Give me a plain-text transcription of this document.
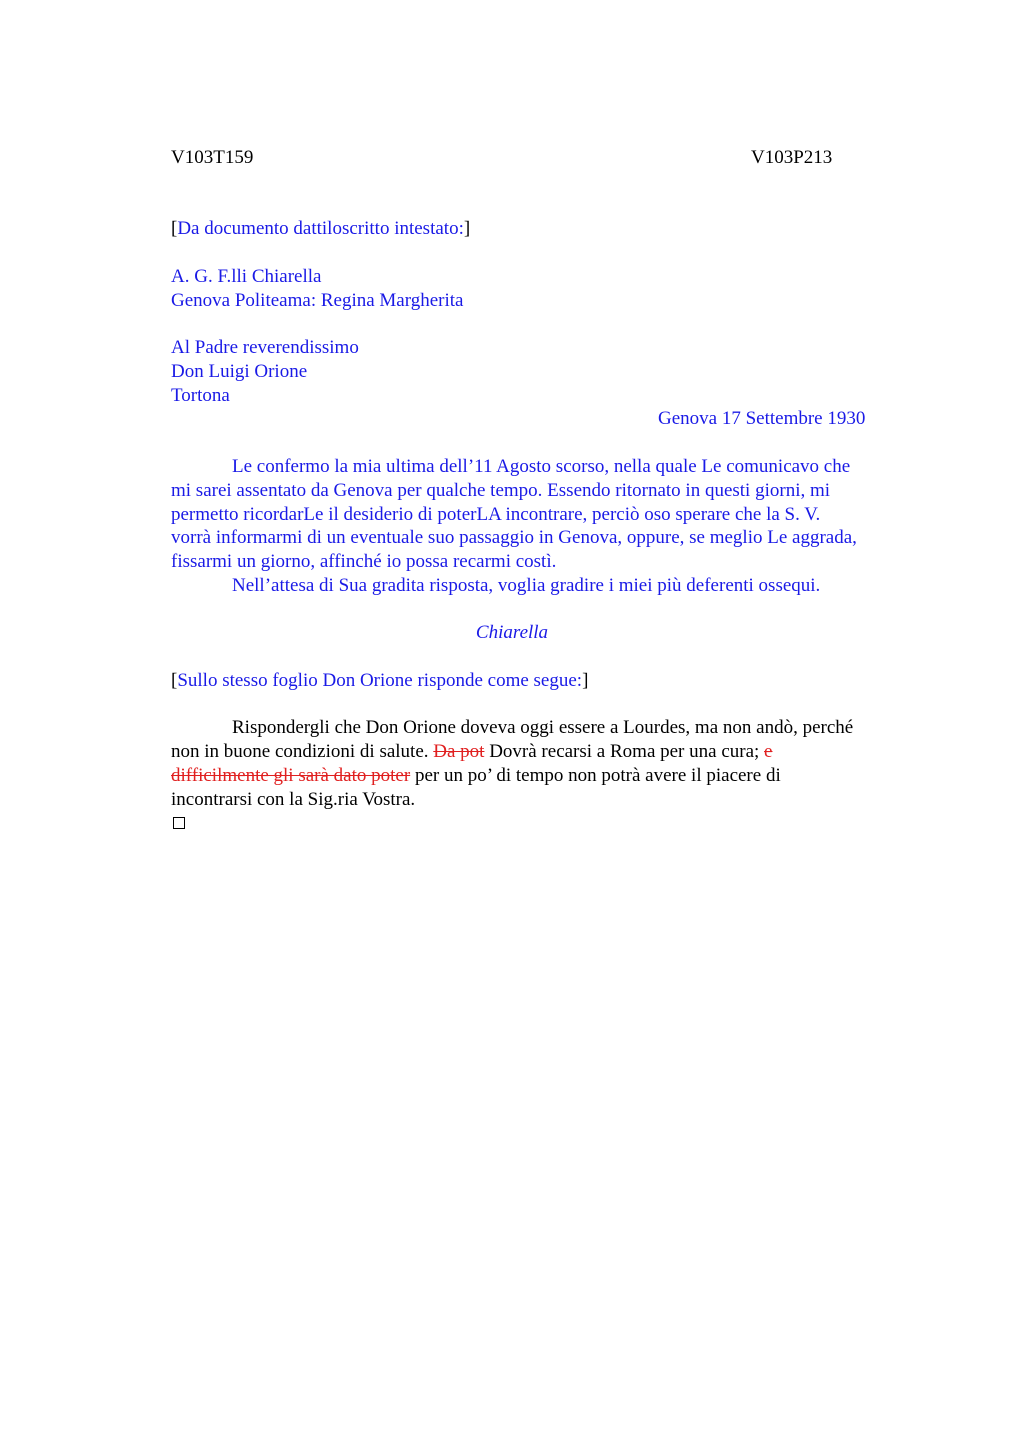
V103T159	V103P213
[Da documento dattiloscritto intestato:]
A. G. F.lli Chiarella
Genova Politeama: Regina Margherita
Al Padre reverendissimo
Don Luigi Orione
Tortona
Genova 17 Settembre 1930
Le confermo la mia ultima dell’11 Agosto scorso, nella quale Le comunicavo che
mi sarei assentato da Genova per qualche tempo. Essendo ritornato in questi giorni, mi
permetto ricordarLe il desiderio di poterLA incontrare, perciò oso sperare che la S. V.
vorrà informarmi di un eventuale suo passaggio in Genova, oppure, se meglio Le aggrada,
fissarmi un giorno, affinché io possa recarmi costì.
Nell’attesa di Sua gradita risposta, voglia gradire i miei più deferenti ossequi.
Chiarella
[Sullo stesso foglio Don Orione risponde come segue:]
Rispondergli che Don Orione doveva oggi essere a Lourdes, ma non andò, perché
non in buone condizioni di salute. Da pot Dovrà recarsi a Roma per una cura; e
difficilmente gli sarà dato poter per un po’ di tempo non potrà avere il piacere di
incontrarsi con la Sig.ria Vostra.
